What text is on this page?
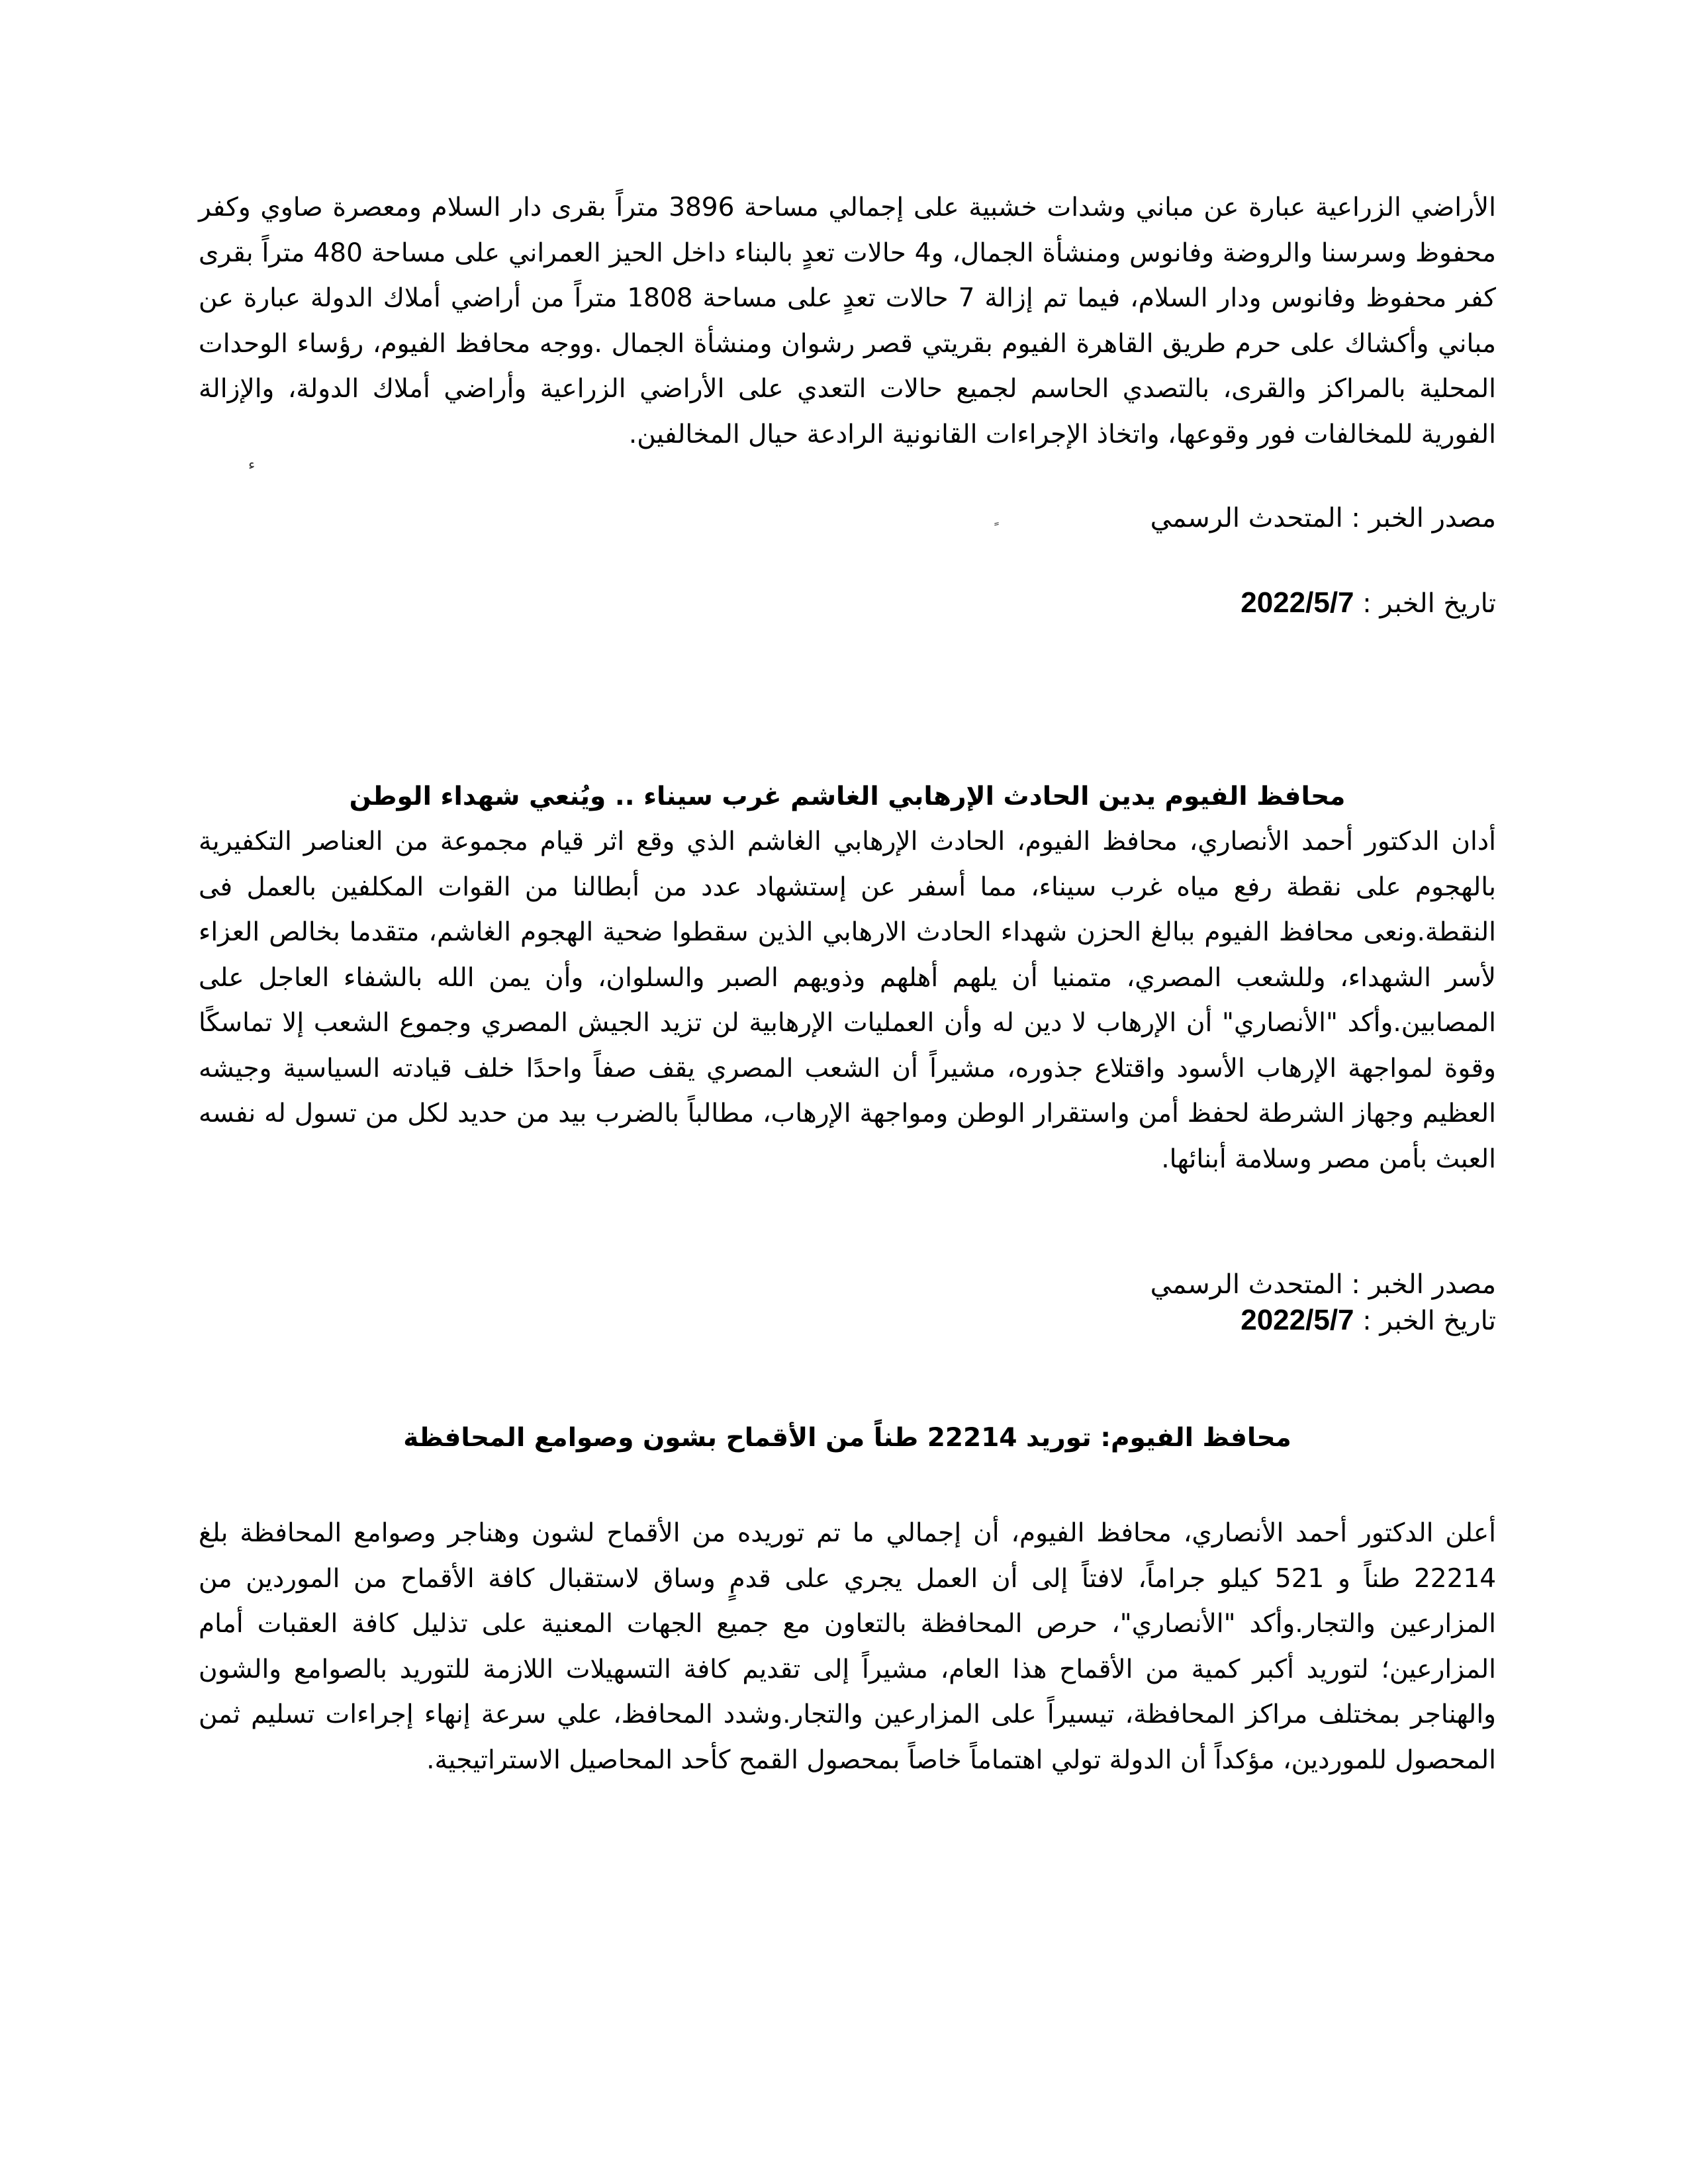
ء

الأراضي الزراعية عبارة عن مباني وشدات خشبية على إجمالي مساحة 3896 متراً بقرى دار السلام ومعصرة صاوي وكفر محفوظ وسرسنا والروضة وفانوس ومنشأة الجمال، و4 حالات تعدٍ بالبناء داخل الحيز العمراني على مساحة 480 متراً بقرى كفر محفوظ وفانوس ودار السلام، فيما تم إزالة 7 حالات تعدٍ على مساحة 1808 متراً من أراضي أملاك الدولة عبارة عن مباني وأكشاك على حرم طريق القاهرة الفيوم بقريتي قصر رشوان ومنشأة الجمال .ووجه محافظ الفيوم، رؤساء الوحدات المحلية بالمراكز والقرى، بالتصدي الحاسم لجميع حالات التعدي على الأراضي الزراعية وأراضي أملاك الدولة، والإزالة الفورية للمخالفات فور وقوعها، واتخاذ الإجراءات القانونية الرادعة حيال المخالفين.

مصدر الخبر : المتحدث الرسمي

تاريخ الخبر : 2022/5/7

محافظ الفيوم يدين الحادث الإرهابي الغاشم غرب سيناء .. ويُنعي شهداء الوطن

أدان الدكتور أحمد الأنصاري، محافظ الفيوم، الحادث الإرهابي الغاشم الذي وقع اثر قيام مجموعة من العناصر التكفيرية بالهجوم على نقطة رفع مياه غرب سيناء، مما أسفر عن إستشهاد عدد من أبطالنا من القوات المكلفين بالعمل فى النقطة.ونعى محافظ الفيوم ببالغ الحزن شهداء الحادث الارهابي الذين سقطوا ضحية الهجوم الغاشم، متقدما بخالص العزاء لأسر الشهداء، وللشعب المصري، متمنيا أن يلهم أهلهم وذويهم الصبر والسلوان، وأن يمن الله بالشفاء العاجل على المصابين.وأكد "الأنصاري" أن الإرهاب لا دين له وأن العمليات الإرهابية لن تزيد الجيش المصري وجموع الشعب إلا تماسكًا وقوة لمواجهة الإرهاب الأسود واقتلاع جذوره، مشيراً أن الشعب المصري يقف صفاً واحدًا خلف قيادته السياسية وجيشه العظيم وجهاز الشرطة لحفظ أمن واستقرار الوطن ومواجهة الإرهاب، مطالباً بالضرب بيد من حديد لكل من تسول له نفسه العبث بأمن مصر وسلامة أبنائها.

مصدر الخبر : المتحدث الرسمي

تاريخ الخبر : 2022/5/7

محافظ الفيوم: توريد 22214 طناً من الأقماح بشون وصوامع المحافظة

أعلن الدكتور أحمد الأنصاري، محافظ الفيوم، أن إجمالي ما تم توريده من الأقماح لشون وهناجر وصوامع المحافظة بلغ 22214 طناً و 521 كيلو جراماً، لافتاً إلى أن العمل يجري على قدمٍ وساق لاستقبال كافة الأقماح من الموردين من المزارعين والتجار.وأكد "الأنصاري"، حرص المحافظة بالتعاون مع جميع الجهات المعنية على تذليل كافة العقبات أمام المزارعين؛ لتوريد أكبر كمية من الأقماح هذا العام، مشيراً إلى تقديم كافة التسهيلات اللازمة للتوريد بالصوامع والشون والهناجر بمختلف مراكز المحافظة، تيسيراً على المزارعين والتجار.وشدد المحافظ، علي سرعة إنهاء إجراءات تسليم ثمن المحصول للموردين، مؤكداً أن الدولة تولي اهتماماً خاصاً بمحصول القمح كأحد المحاصيل الاستراتيجية.
